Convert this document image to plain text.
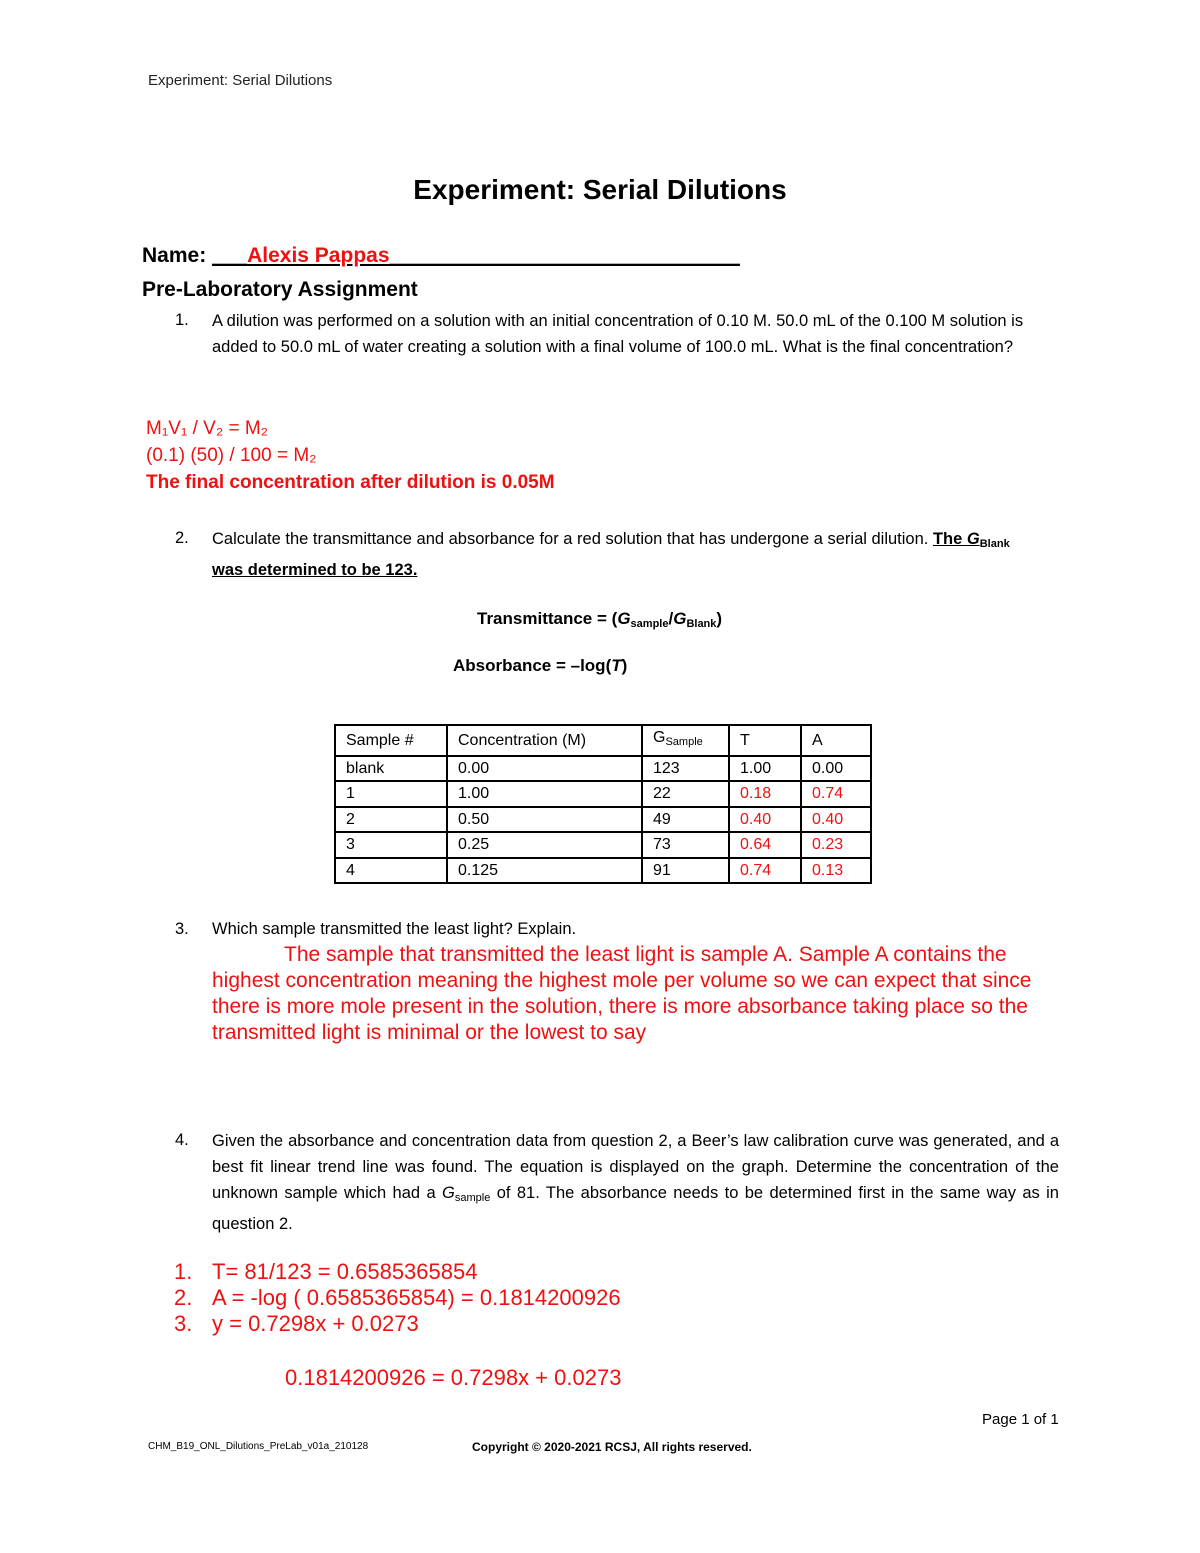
Experiment: Serial Dilutions
Experiment: Serial Dilutions
Name: ___Alexis Pappas______________________________
Pre-Laboratory Assignment
1. A dilution was performed on a solution with an initial concentration of 0.10 M. 50.0 mL of the 0.100 M solution is added to 50.0 mL of water creating a solution with a final volume of 100.0 mL. What is the final concentration?
M₁V₁ / V₂ = M₂
(0.1) (50) / 100 = M₂
The final concentration after dilution is 0.05M
2. Calculate the transmittance and absorbance for a red solution that has undergone a serial dilution. The $G_{Blank}$ was determined to be 123.
Transmittance = $(G_{sample}/G_{Blank})$
Absorbance = –log(T)
Sample #	Concentration (M)	$G_{Sample}$	T	A
blank	0.00	123	1.00	0.00
1	1.00	22	0.18	0.74
2	0.50	49	0.40	0.40
3	0.25	73	0.64	0.23
4	0.125	91	0.74	0.13
3. Which sample transmitted the least light? Explain.
The sample that transmitted the least light is sample A. Sample A contains the highest concentration meaning the highest mole per volume so we can expect that since there is more mole present in the solution, there is more absorbance taking place so the transmitted light is minimal or the lowest to say
4. Given the absorbance and concentration data from question 2, a Beer’s law calibration curve was generated, and a best fit linear trend line was found. The equation is displayed on the graph. Determine the concentration of the unknown sample which had a $G_{sample}$ of 81. The absorbance needs to be determined first in the same way as in question 2.
1. T= 81/123 = 0.6585365854
2. A = -log ( 0.6585365854) = 0.1814200926
3. y = 0.7298x + 0.0273
0.1814200926 = 0.7298x + 0.0273
Page 1 of 1
CHM_B19_ONL_Dilutions_PreLab_v01a_210128	Copyright © 2020-2021 RCSJ, All rights reserved.
